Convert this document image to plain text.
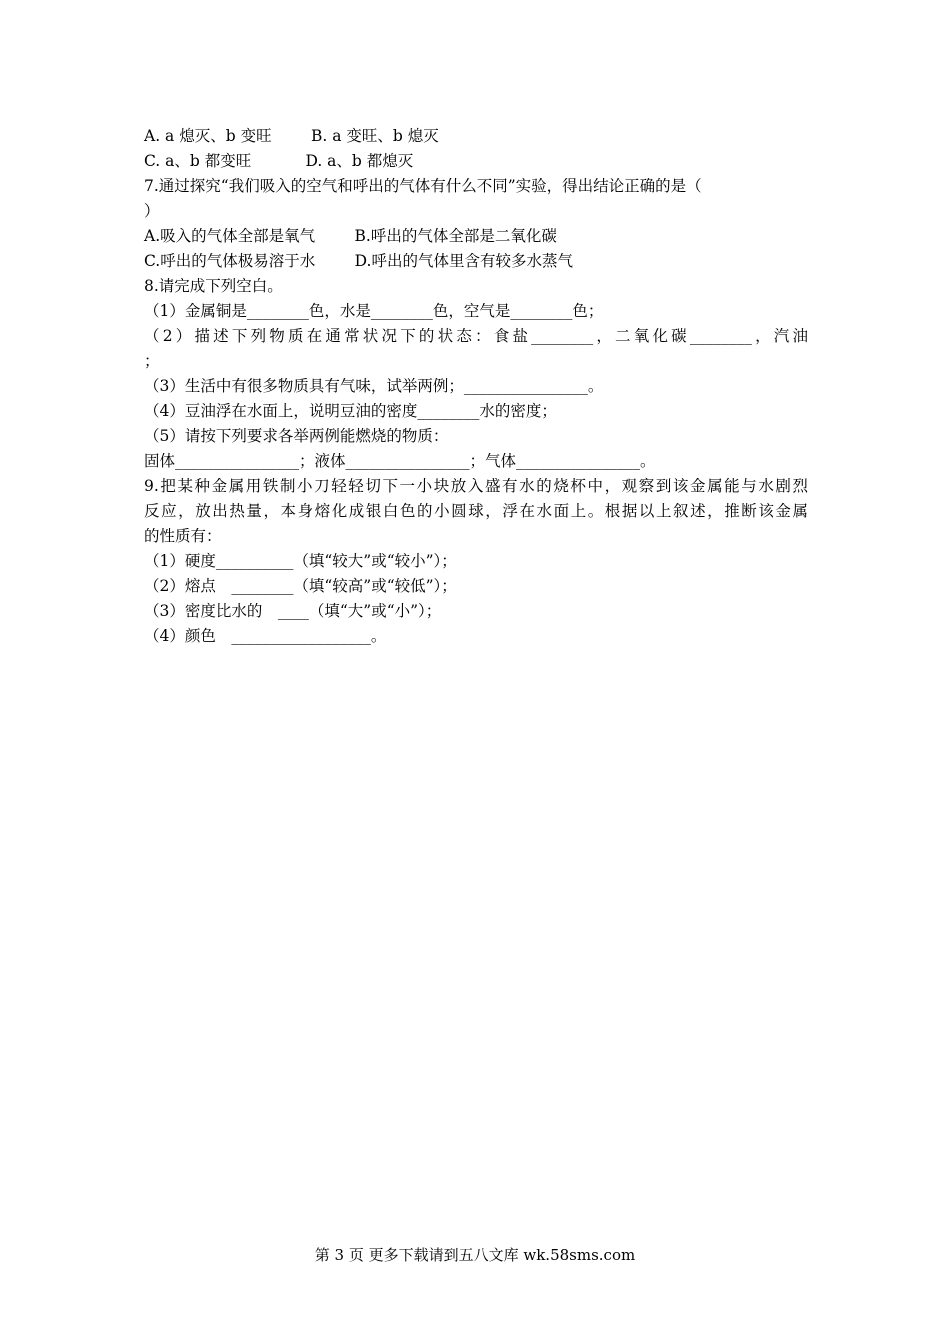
A. a 熄灭、b 变旺        B. a 变旺、b 熄灭
C. a、b 都变旺           D. a、b 都熄灭
7.通过探究“我们吸入的空气和呼出的气体有什么不同”实验，得出结论正确的是（
）
A.吸入的气体全部是氧气        B.呼出的气体全部是二氧化碳
C.呼出的气体极易溶于水        D.呼出的气体里含有较多水蒸气
8.请完成下列空白。
（1）金属铜是________色，水是________色，空气是________色；
（2）描述下列物质在通常状况下的状态：食盐________，二氧化碳________，汽油
；
（3）生活中有很多物质具有气味，试举两例；________________。
（4）豆油浮在水面上，说明豆油的密度________水的密度；
（5）请按下列要求各举两例能燃烧的物质：
固体________________；液体________________；气体________________。
9.把某种金属用铁制小刀轻轻切下一小块放入盛有水的烧杯中，观察到该金属能与水剧烈
反应，放出热量，本身熔化成银白色的小圆球，浮在水面上。根据以上叙述，推断该金属
的性质有：
（1）硬度__________（填“较大”或“较小”）；
（2）熔点　________（填“较高”或“较低”）；
（3）密度比水的　____（填“大”或“小”）；
（4）颜色　__________________。
第 3 页 更多下载请到五八文库 wk.58sms.com
